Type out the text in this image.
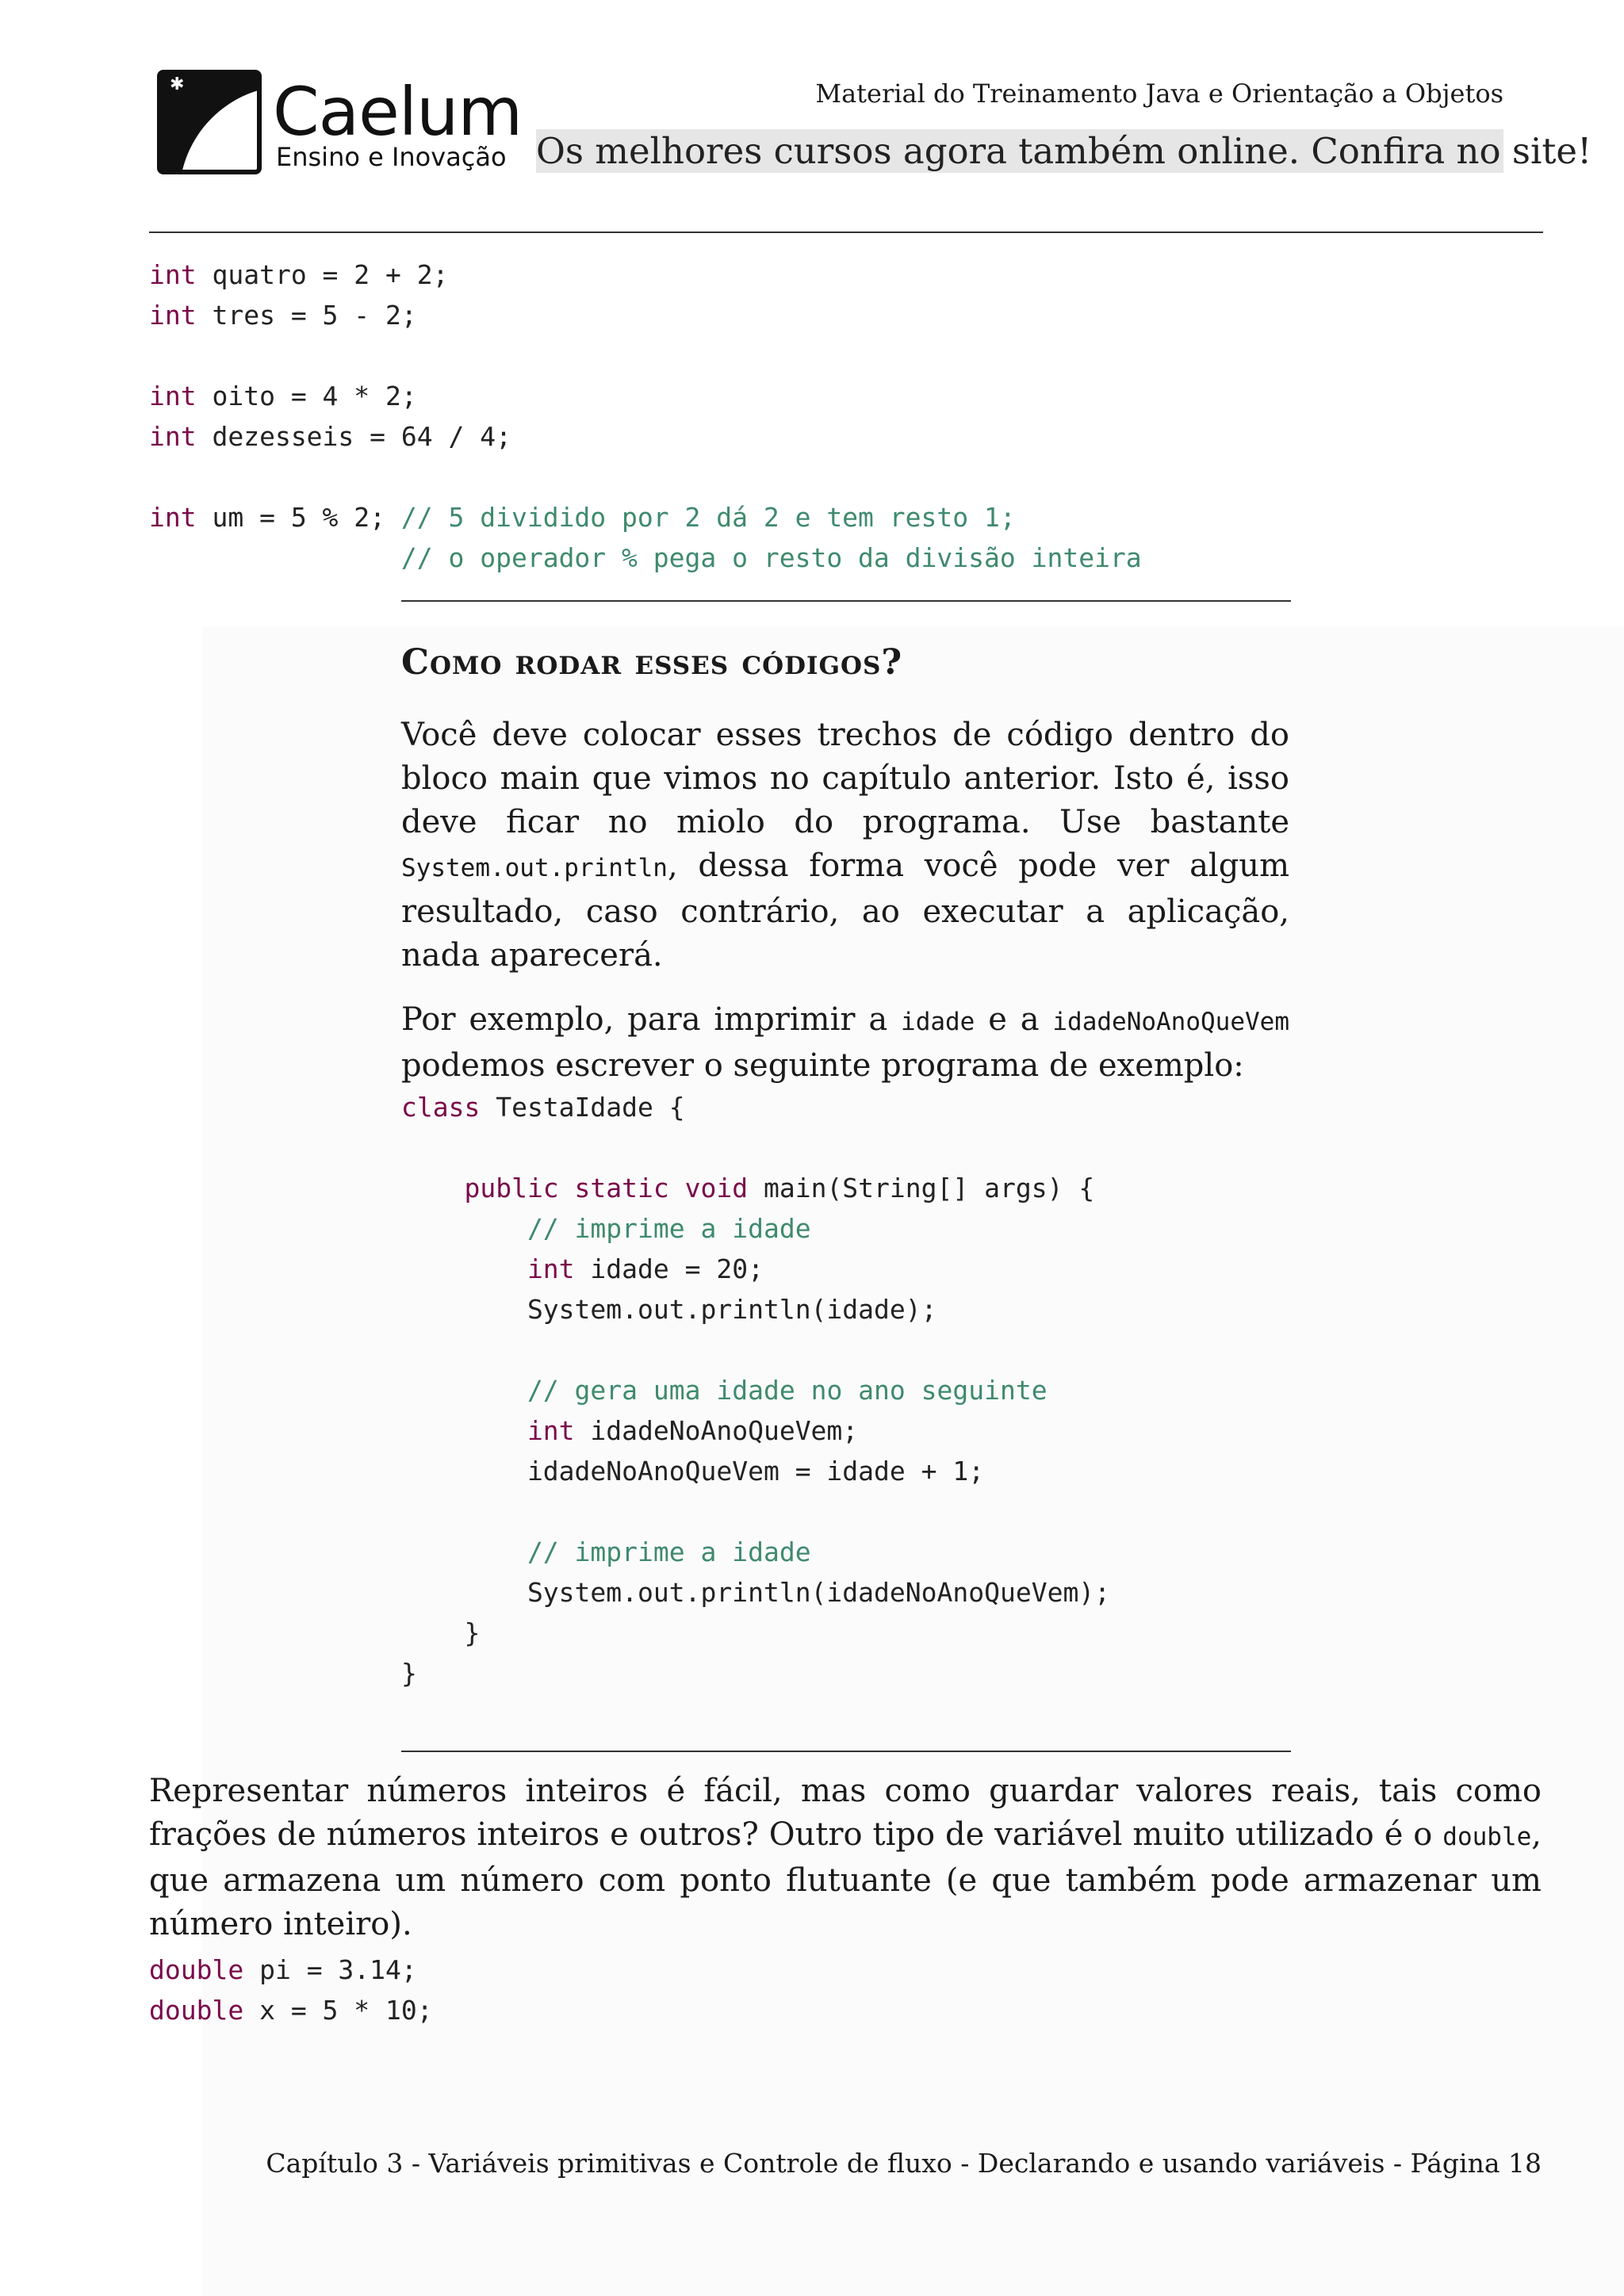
✱ Caelum
Ensino e Inovação
Material do Treinamento Java e Orientação a Objetos
Os melhores cursos agora também online. Confira no site!
int quatro = 2 + 2;
int tres = 5 - 2;

int oito = 4 * 2;
int dezesseis = 64 / 4;

int um = 5 % 2; // 5 dividido por 2 dá 2 e tem resto 1;
// o operador % pega o resto da divisão inteira

Como rodar esses códigos?

Você deve colocar esses trechos de código dentro do bloco main que vimos no capítulo anterior. Isto é, isso deve ficar no miolo do programa. Use bastante System.out.println, dessa forma você pode ver algum resultado, caso contrário, ao executar a aplicação, nada aparecerá.

Por exemplo, para imprimir a idade e a idadeNoAnoQueVem podemos escrever o seguinte programa de exemplo:

class TestaIdade {

public static void main(String[] args) {
// imprime a idade
int idade = 20;
System.out.println(idade);

// gera uma idade no ano seguinte
int idadeNoAnoQueVem;
idadeNoAnoQueVem = idade + 1;

// imprime a idade
System.out.println(idadeNoAnoQueVem);
}
}

Representar números inteiros é fácil, mas como guardar valores reais, tais como frações de números inteiros e outros? Outro tipo de variável muito utilizado é o double, que armazena um número com ponto flutuante (e que também pode armazenar um número inteiro).
double pi = 3.14;
double x = 5 * 10;

Capítulo 3 - Variáveis primitivas e Controle de fluxo - Declarando e usando variáveis - Página 18
